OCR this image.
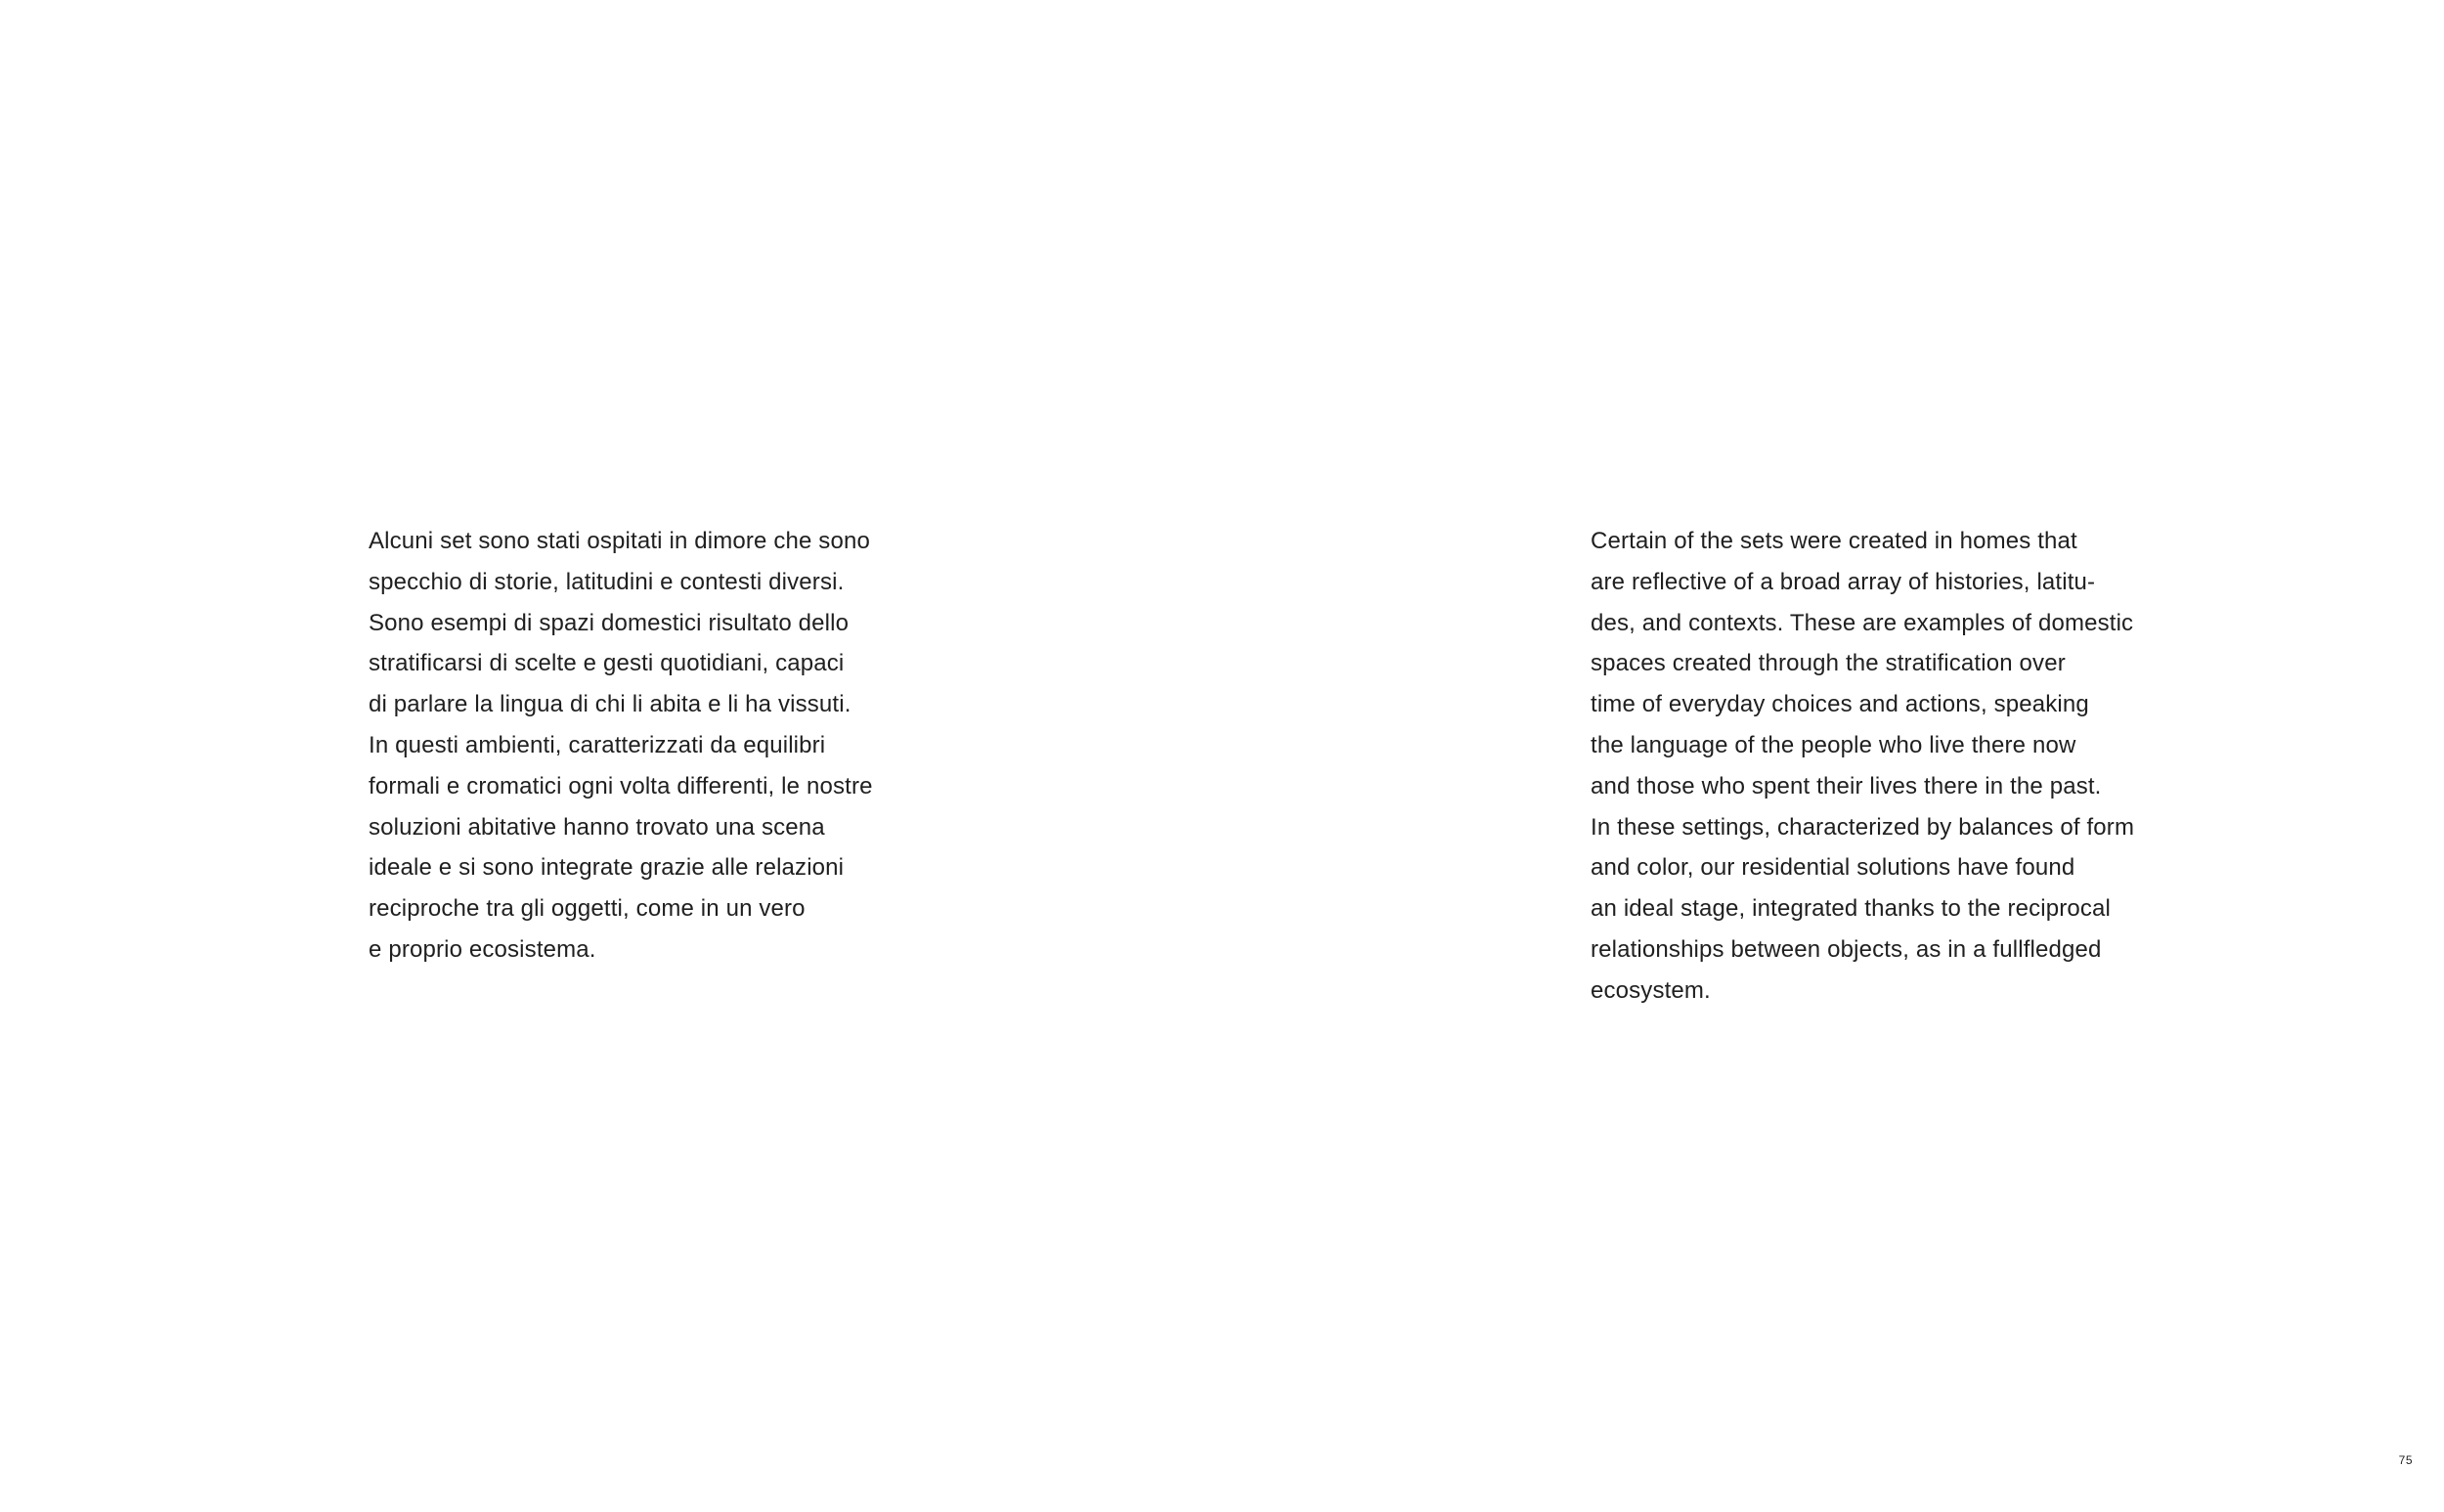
Alcuni set sono stati ospitati in dimore che sono
specchio di storie, latitudini e contesti diversi.
Sono esempi di spazi domestici risultato dello
stratificarsi di scelte e gesti quotidiani, capaci
di parlare la lingua di chi li abita e li ha vissuti.
In questi ambienti, caratterizzati da equilibri
formali e cromatici ogni volta differenti, le nostre
soluzioni abitative hanno trovato una scena
ideale e si sono integrate grazie alle relazioni
reciproche tra gli oggetti, come in un vero
e proprio ecosistema.
Certain of the sets were created in homes that
are reflective of a broad array of histories, latitu-
des, and contexts. These are examples of domestic
spaces created through the stratification over
time of everyday choices and actions, speaking
the language of the people who live there now
and those who spent their lives there in the past.
In these settings, characterized by balances of form
and color, our residential solutions have found
an ideal stage, integrated thanks to the reciprocal
relationships between objects, as in a fullfledged
ecosystem.
75
